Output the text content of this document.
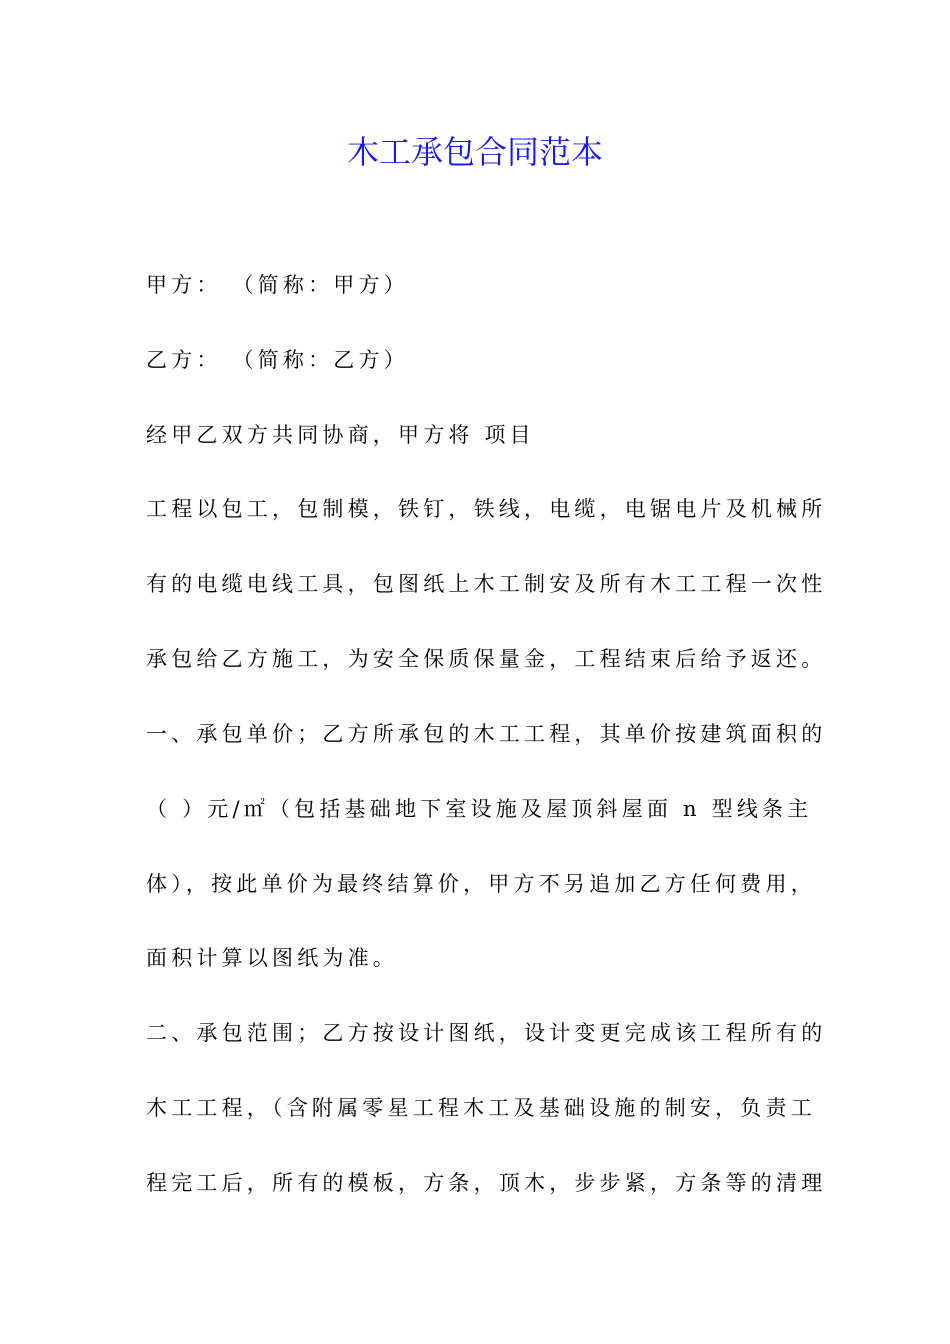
木工承包合同范本
甲方： （简称：甲方）
乙方： （简称：乙方）
经甲乙双方共同协商，甲方将 项目
工程以包工，包制模，铁钉，铁线，电缆，电锯电片及机械所
有的电缆电线工具，包图纸上木工制安及所有木工工程一次性
承包给乙方施工，为安全保质保量金，工程结束后给予返还。
一、承包单价；乙方所承包的木工工程，其单价按建筑面积的
（ ）元/㎡（包括基础地下室设施及屋顶斜屋面 n 型线条主
体），按此单价为最终结算价，甲方不另追加乙方任何费用，
面积计算以图纸为准。
二、承包范围；乙方按设计图纸，设计变更完成该工程所有的
木工工程，（含附属零星工程木工及基础设施的制安，负责工
程完工后，所有的模板，方条，顶木，步步紧，方条等的清理
